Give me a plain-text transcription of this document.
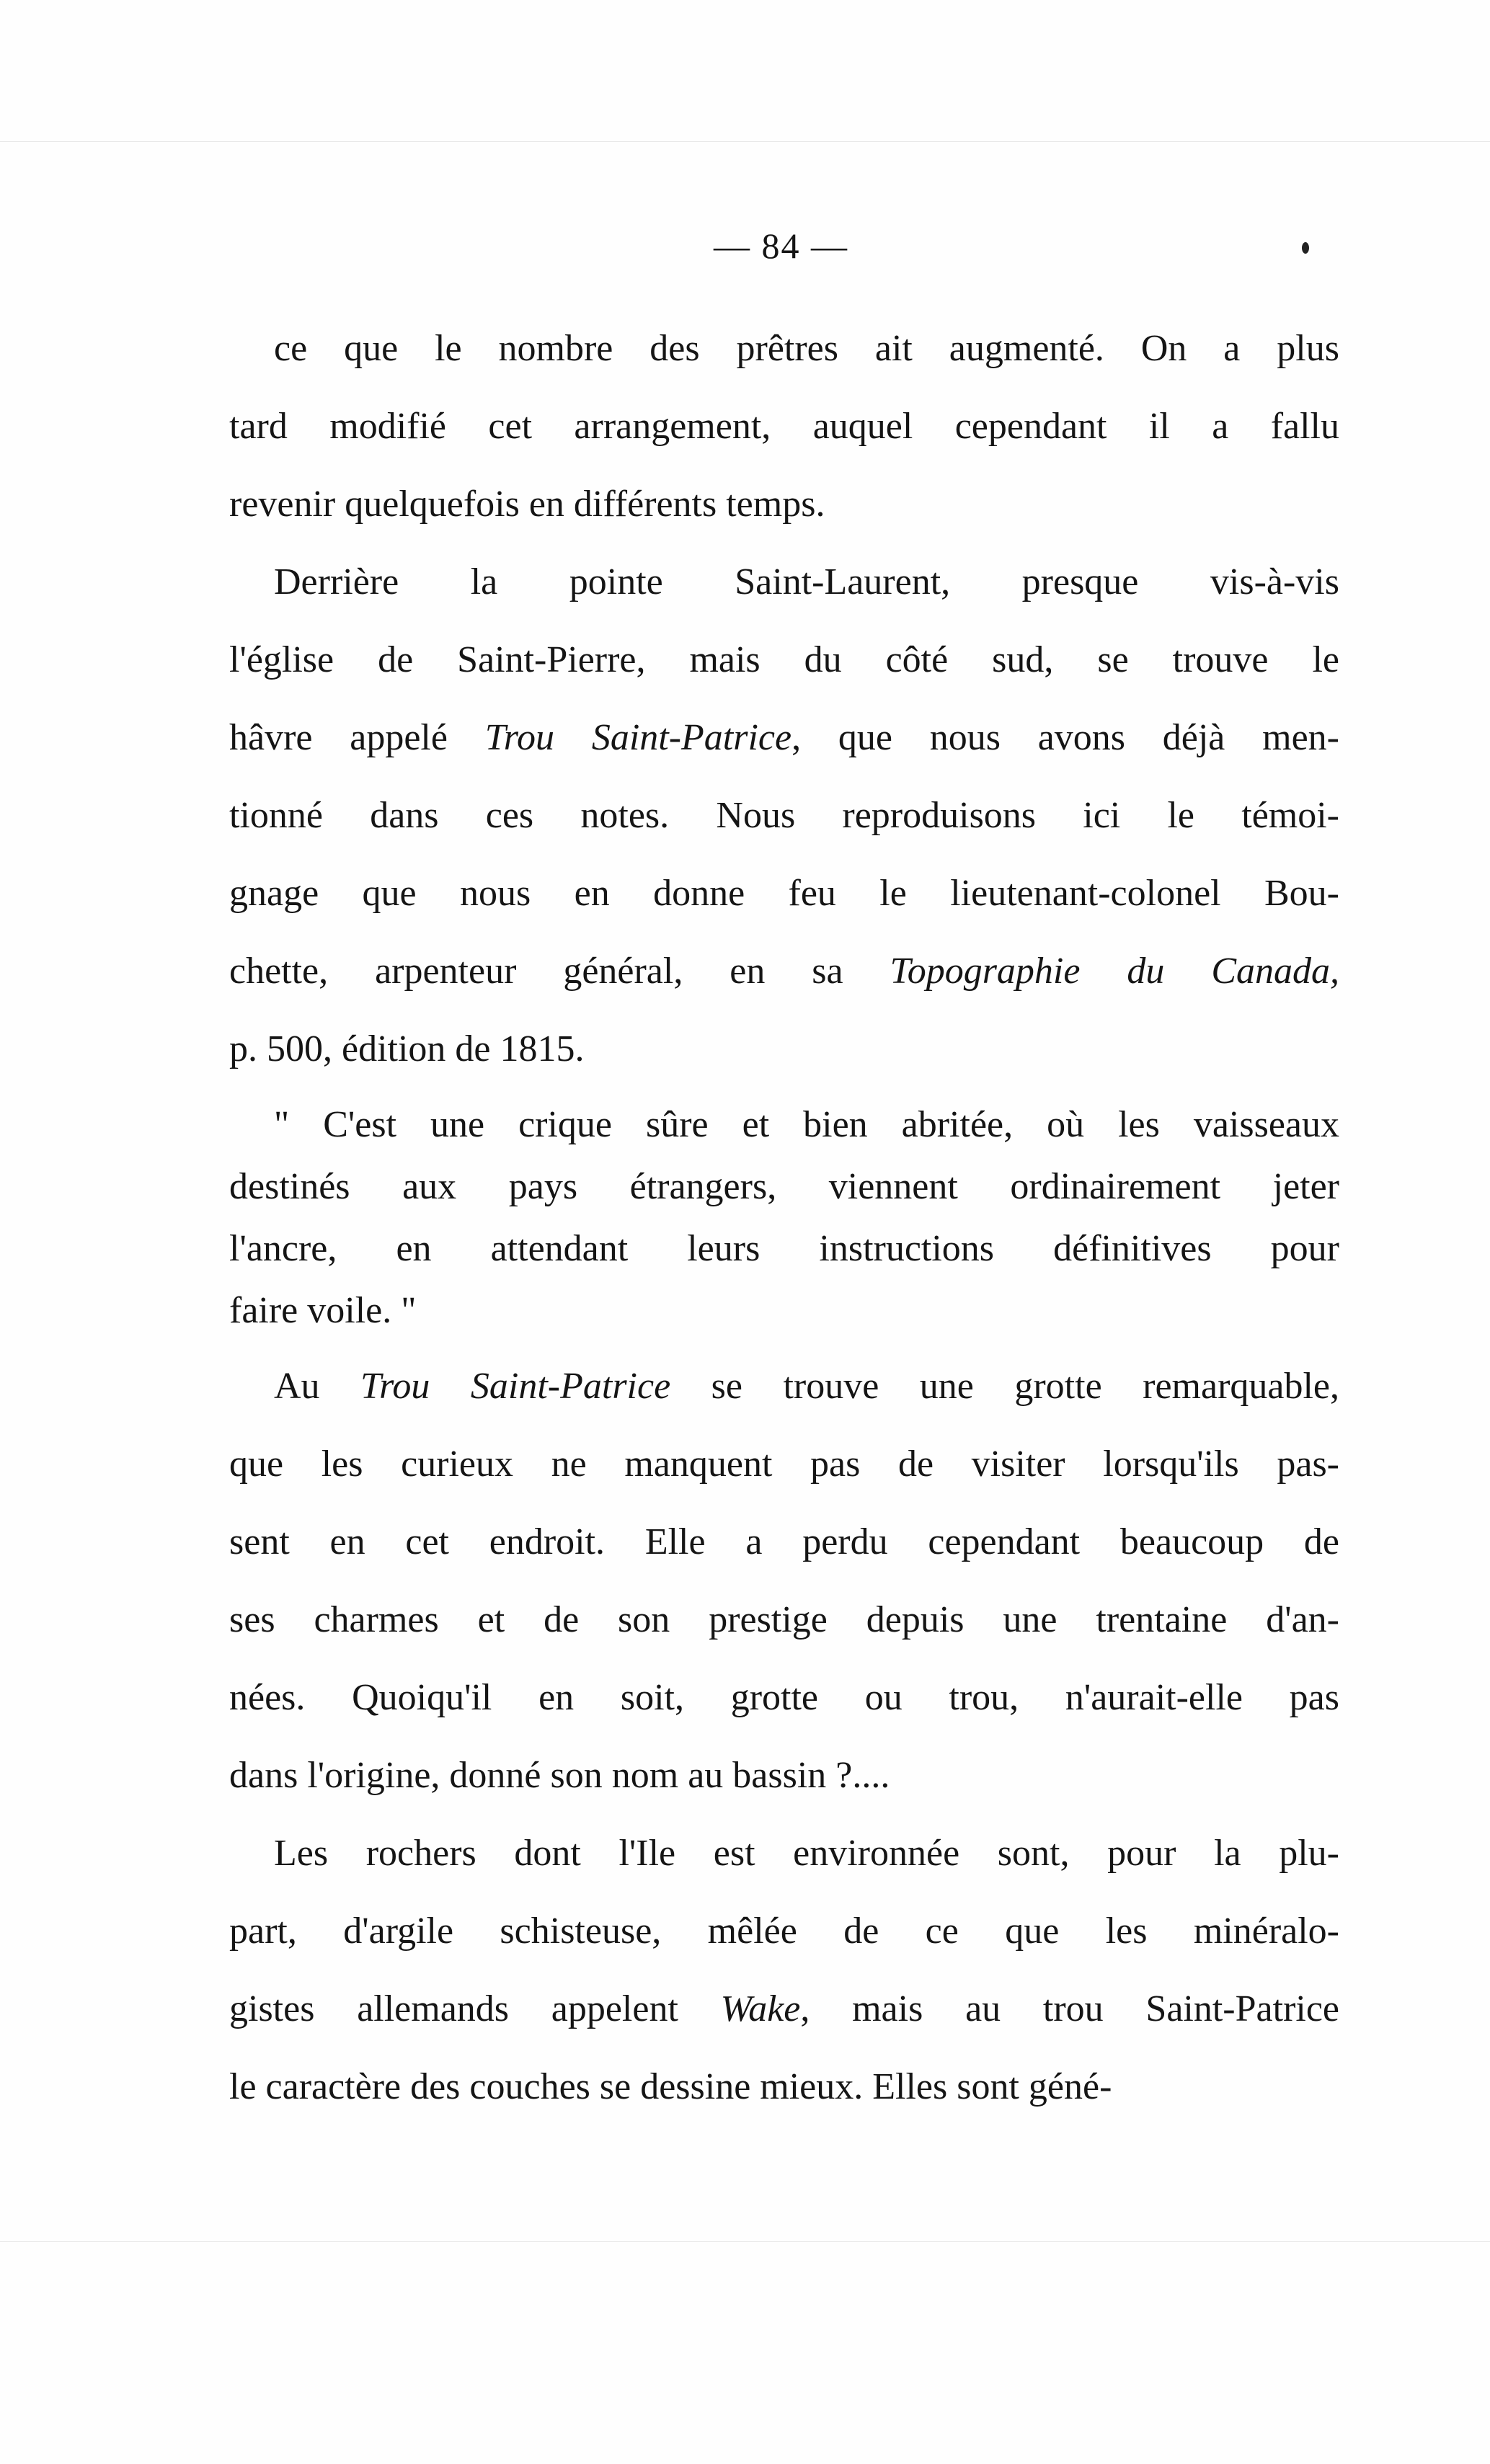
— 84 —
ce que le nombre des prêtres ait augmenté. On a plus
tard modifié cet arrangement, auquel cependant il a fallu
revenir quelquefois en différents temps.
Derrière la pointe Saint-Laurent, presque vis-à-vis
l'église de Saint-Pierre, mais du côté sud, se trouve le
hâvre appelé Trou Saint-Patrice, que nous avons déjà men-
tionné dans ces notes. Nous reproduisons ici le témoi-
gnage que nous en donne feu le lieutenant-colonel Bou-
chette, arpenteur général, en sa Topographie du Canada,
p. 500, édition de 1815.
" C'est une crique sûre et bien abritée, où les vaisseaux
destinés aux pays étrangers, viennent ordinairement jeter
l'ancre, en attendant leurs instructions définitives pour
faire voile. "
Au Trou Saint-Patrice se trouve une grotte remarquable,
que les curieux ne manquent pas de visiter lorsqu'ils pas-
sent en cet endroit. Elle a perdu cependant beaucoup de
ses charmes et de son prestige depuis une trentaine d'an-
nées. Quoiqu'il en soit, grotte ou trou, n'aurait-elle pas
dans l'origine, donné son nom au bassin ?....
Les rochers dont l'Ile est environnée sont, pour la plu-
part, d'argile schisteuse, mêlée de ce que les minéralo-
gistes allemands appelent Wake, mais au trou Saint-Patrice
le caractère des couches se dessine mieux. Elles sont géné-
